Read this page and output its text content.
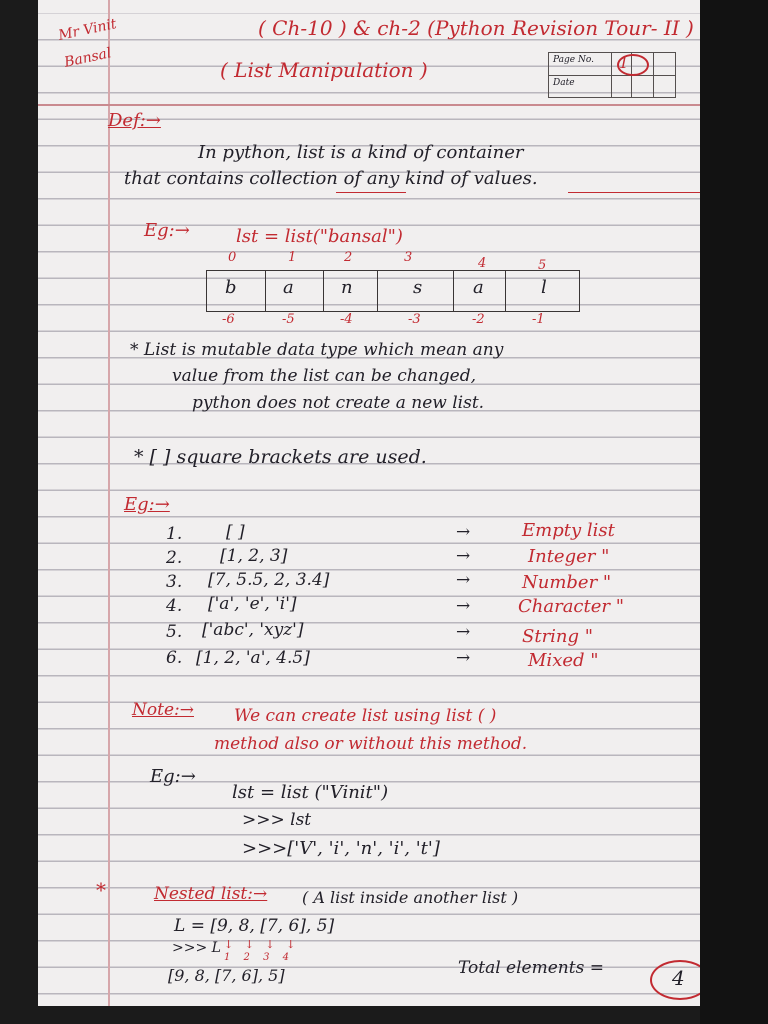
Mr Vinit
Bansal
( Ch-10 ) & ch-2 (Python Revision Tour- II )
( List Manipulation )	Page No.
Date
1
Def:→
In python, list is a kind of container
that contains collection of any kind of values.
Eg:→	lst = list("bansal")
0	1	2	3	4	5
b	a	n	s	a	l
-6	-5	-4	-3	-2	-1
* List is mutable data type which mean any
value from the list can be changed,
python does not create a new list.
* [ ] square brackets are used.
Eg:→
1.	[ ]	→	Empty list
2. [1, 2, 3]	→	Integer "
3. [7, 5.5, 2, 3.4]	→	Number "
4. ['a', 'e', 'i']	→	Character "
5. ['abc', 'xyz']	→	String "
6. [1, 2, 'a', 4.5]	→	Mixed "
Note:→ We can create list using list ( )
method also or without this method.
Eg:→
lst = list ("Vinit")
>>> lst
>>>['V', 'i', 'n', 'i', 't']
*	Nested list:→ ( A list inside another list )
L = [9, 8, [7, 6], 5]
↓ ↓ ↓ ↓
1 2 3 4
>>> L
[9, 8, [7, 6], 5]	Total elements =	4
